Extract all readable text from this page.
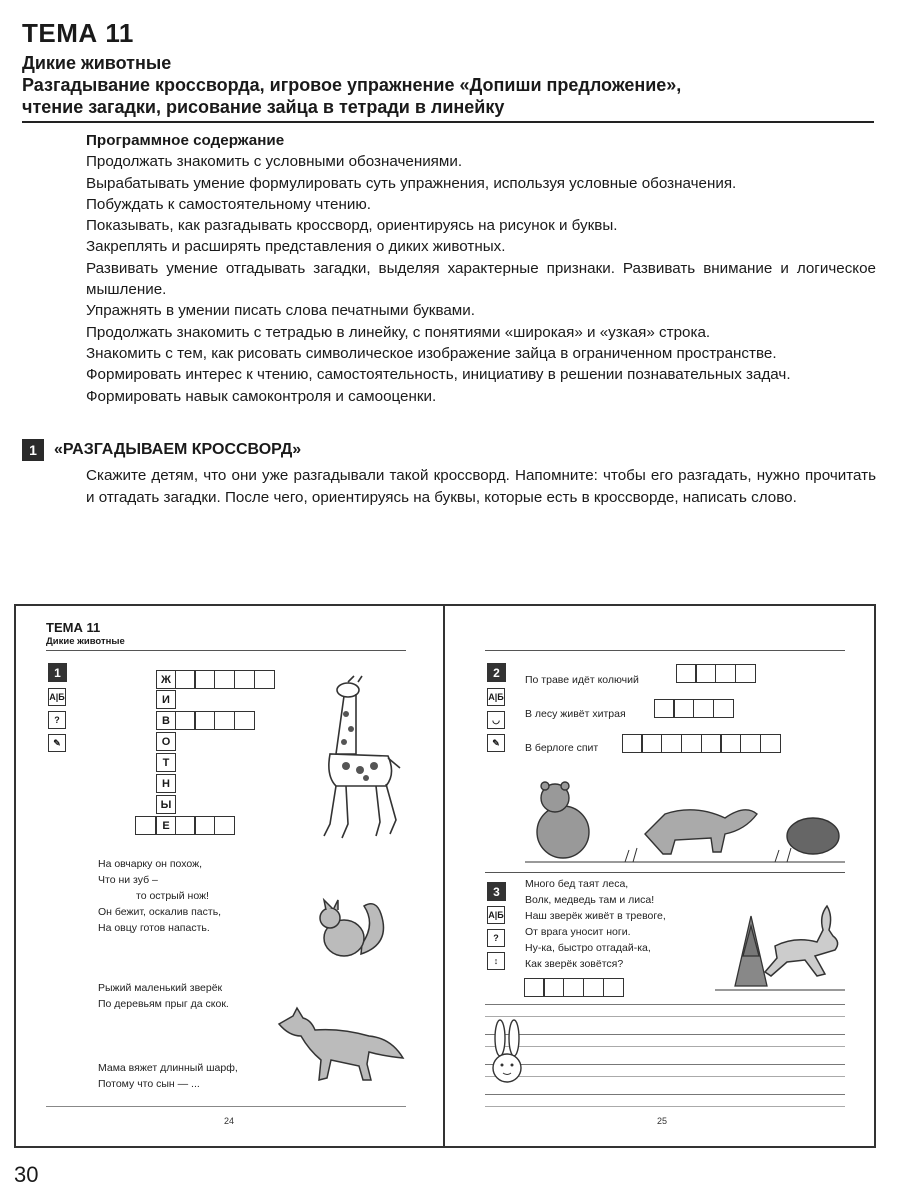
ТЕМА 11
Дикие животные
Разгадывание кроссворда, игровое упражнение «Допиши предложение»,
чтение загадки, рисование зайца в тетради в линейку
Программное содержание
Продолжать знакомить с условными обозначениями.
Вырабатывать умение формулировать суть упражнения, используя условные обозначения.
Побуждать к самостоятельному чтению.
Показывать, как разгадывать кроссворд, ориентируясь на рисунок и буквы.
Закреплять и расширять представления о диких животных.
Развивать умение отгадывать загадки, выделяя характерные признаки. Развивать внимание и логическое мышление.
Упражнять в умении писать слова печатными буквами.
Продолжать знакомить с тетрадью в линейку, с понятиями «широкая» и «узкая» строка.
Знакомить с тем, как рисовать символическое изображение зайца в ограниченном пространстве.
Формировать интерес к чтению, самостоятельность, инициативу в решении познавательных задач.
Формировать навык самоконтроля и самооценки.
1	«РАЗГАДЫВАЕМ КРОССВОРД»
Скажите детям, что они уже разгадывали такой кроссворд. Напомните: чтобы его разгадать, нужно прочитать и отгадать загадки. После чего, ориентируясь на буквы, которые есть в кроссворде, написать слово.
ТЕМА 11
Дикие животные
1
А|Б
?
✎
Ж
И
В
О
Т
Н
Ы
Е
На овчарку он похож,
Что ни зуб –
то острый нож!
Он бежит, оскалив пасть,
На овцу готов напасть.
Рыжий маленький зверёк
По деревьям прыг да скок.
Мама вяжет длинный шарф,
Потому что сын — ...
24
2
А|Б
◡
✎
По траве идёт колючий
В лесу живёт хитрая
В берлоге спит
3
А|Б
?
↕
Много бед таят леса,
Волк, медведь там и лиса!
Наш зверёк живёт в тревоге,
От врага уносит ноги.
Ну-ка, быстро отгадай-ка,
Как зверёк зовётся?
25
30
